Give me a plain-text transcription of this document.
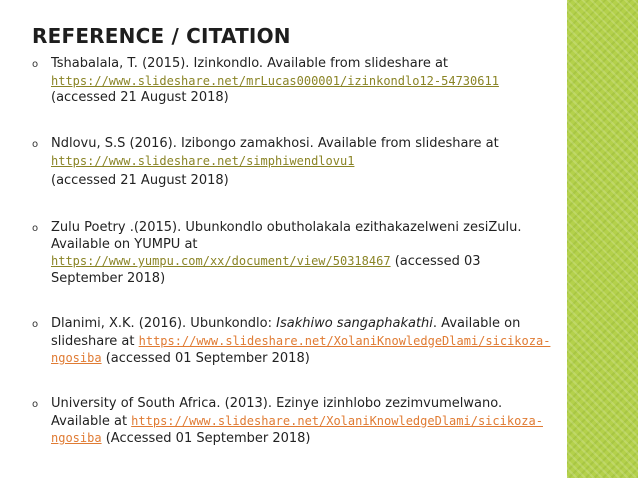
REFERENCE / CITATION
o Tshabalala, T. (2015). Izinkondlo. Available from slideshare at
https://www.slideshare.net/mrLucas000001/izinkondlo12-54730611
(accessed 21 August 2018)
o Ndlovu, S.S (2016). Izibongo zamakhosi. Available from slideshare at
https://www.slideshare.net/simphiwendlovu1
(accessed 21 August 2018)
o Zulu Poetry .(2015). Ubunkondlo obutholakala ezithakazelweni zesiZulu.
Available on YUMPU at
https://www.yumpu.com/xx/document/view/50318467 (accessed 03
September 2018)
o Dlanimi, X.K. (2016). Ubunkondlo: Isakhiwo sangaphakathi. Available on
slideshare at https://www.slideshare.net/XolaniKnowledgeDlami/sicikoza-
ngosiba (accessed 01 September 2018)
o University of South Africa. (2013). Ezinye izinhlobo zezimvumelwano.
Available at https://www.slideshare.net/XolaniKnowledgeDlami/sicikoza-
ngosiba (Accessed 01 September 2018)
